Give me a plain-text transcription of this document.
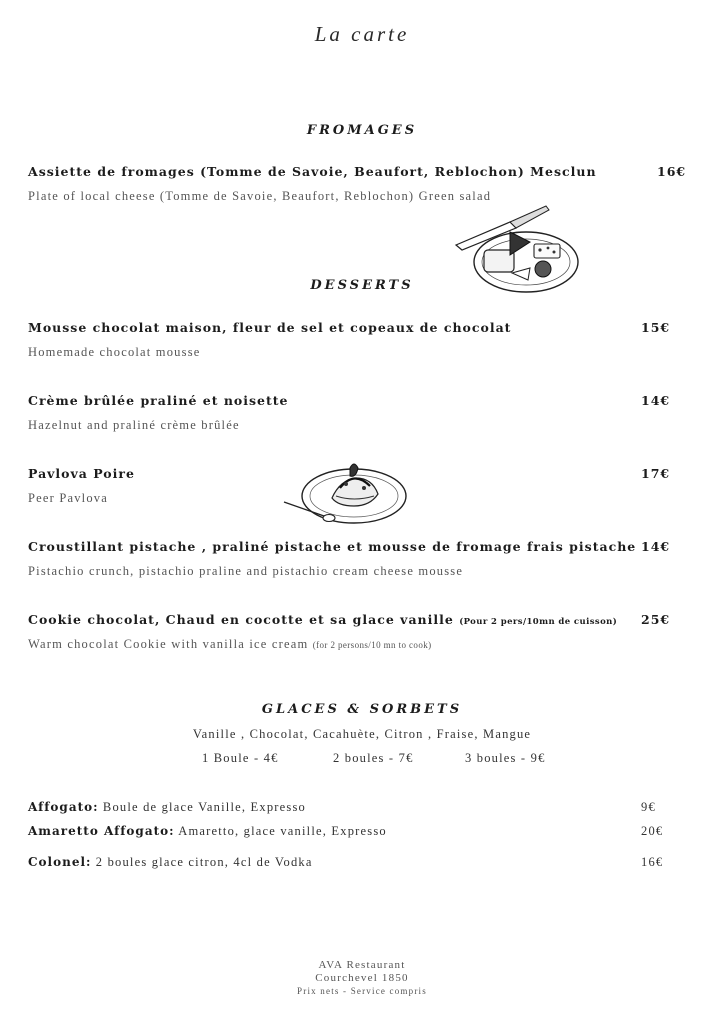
La carte
FROMAGES
Assiette de fromages (Tomme de Savoie, Beaufort, Reblochon) Mesclun	16€
Plate of local cheese (Tomme de Savoie, Beaufort, Reblochon) Green salad
DESSERTS
Mousse chocolat maison, fleur de sel et copeaux de chocolat	15€
Homemade chocolat mousse
Crème brûlée praliné et noisette	14€
Hazelnut and praliné crème brûlée
Pavlova Poire	17€
Peer Pavlova
Croustillant pistache , praliné pistache et mousse de fromage frais pistache 14€
Pistachio crunch, pistachio praline and pistachio cream cheese mousse
Cookie chocolat, Chaud en cocotte et sa glace vanille (Pour 2 pers/10mn de cuisson) 25€
Warm chocolat Cookie with vanilla ice cream (for 2 persons/10 mn to cook)
GLACES & SORBETS
Vanille , Chocolat, Cacahuète, Citron , Fraise, Mangue
1 Boule - 4€	2 boules - 7€	3 boules - 9€
Affogato: Boule de glace Vanille, Expresso	9€
Amaretto Affogato: Amaretto, glace vanille, Expresso	20€
Colonel: 2 boules glace citron, 4cl de Vodka	16€
AVA Restaurant
Courchevel 1850
Prix nets - Service compris
